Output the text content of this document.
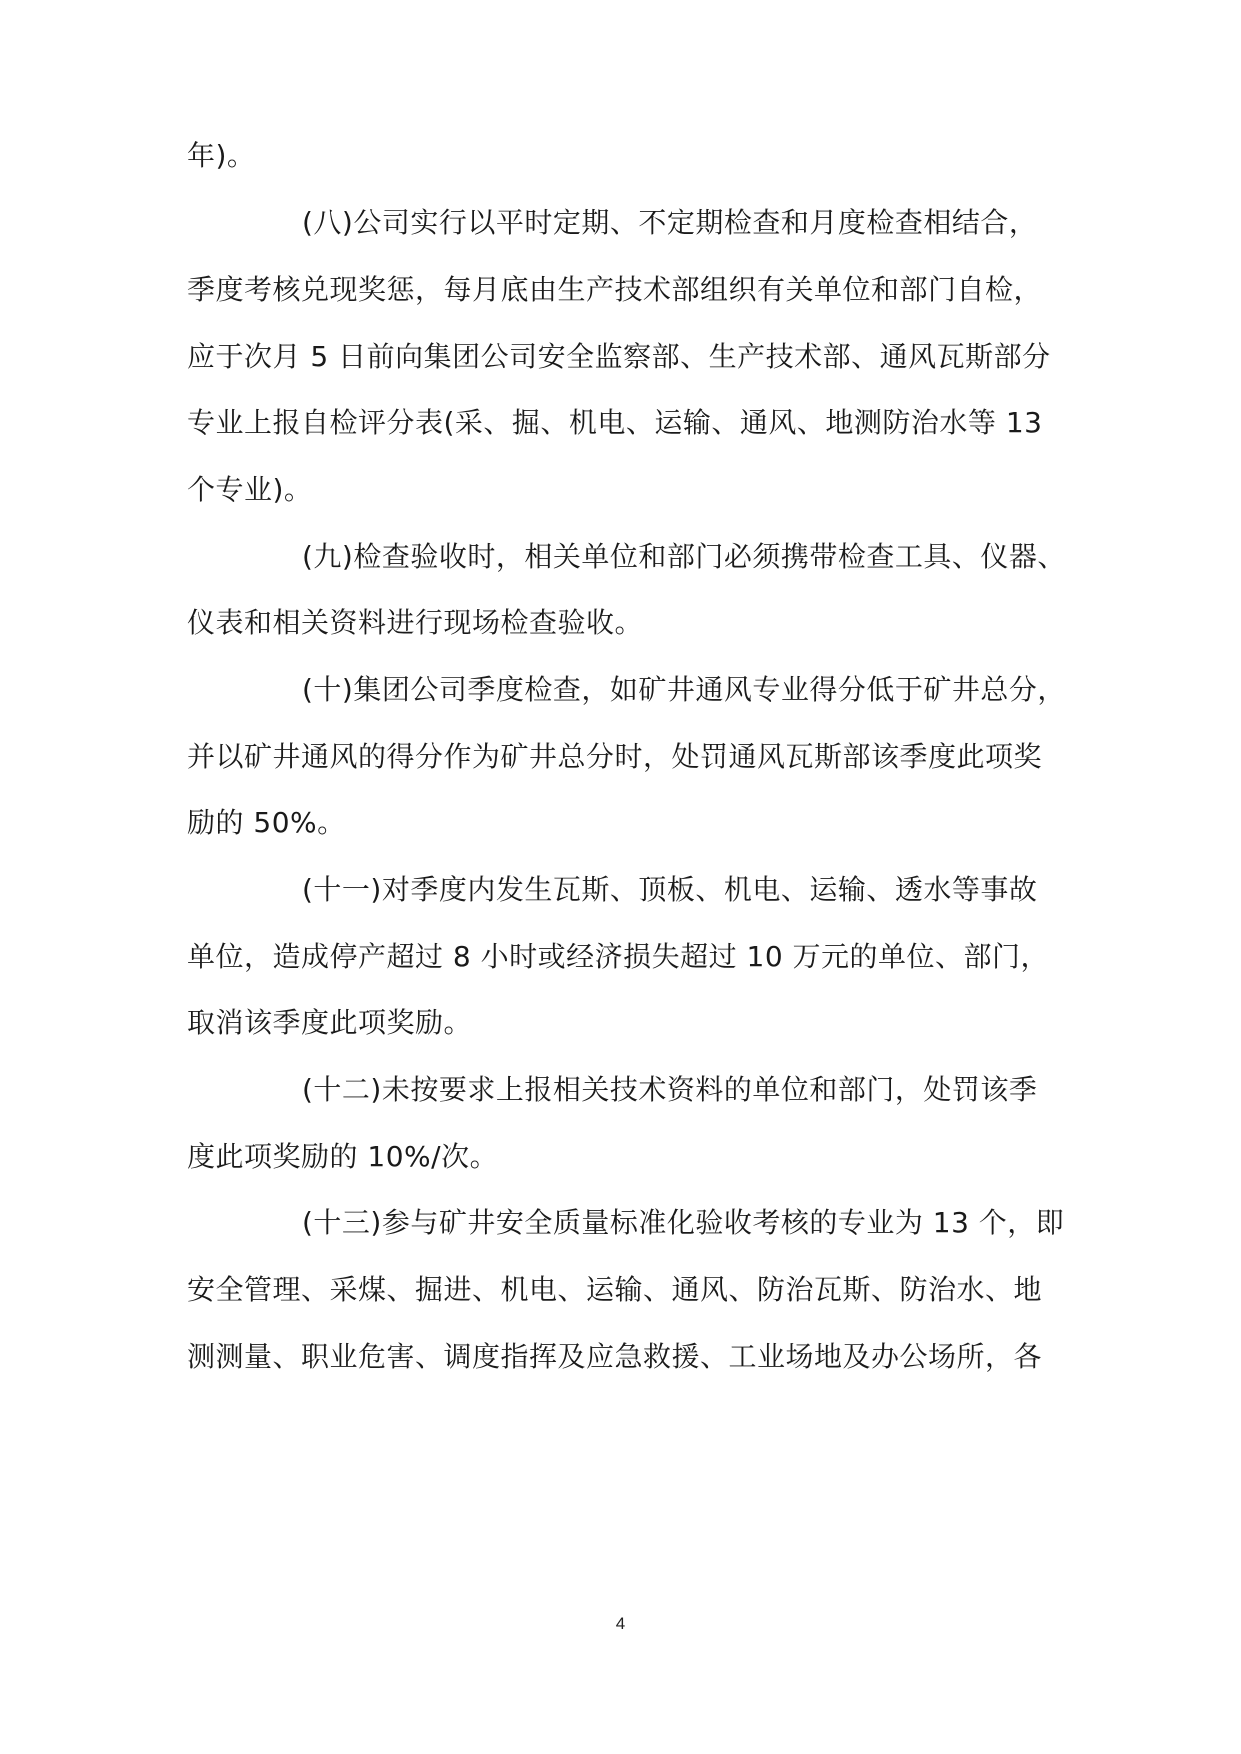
年)。
(八)公司实行以平时定期、不定期检查和月度检查相结合，
季度考核兑现奖惩，每月底由生产技术部组织有关单位和部门自检，
应于次月 5 日前向集团公司安全监察部、生产技术部、通风瓦斯部分
专业上报自检评分表(采、掘、机电、运输、通风、地测防治水等 13
个专业)。
(九)检查验收时，相关单位和部门必须携带检查工具、仪器、
仪表和相关资料进行现场检查验收。
(十)集团公司季度检查，如矿井通风专业得分低于矿井总分，
并以矿井通风的得分作为矿井总分时，处罚通风瓦斯部该季度此项奖
励的 50%。
(十一)对季度内发生瓦斯、顶板、机电、运输、透水等事故
单位，造成停产超过 8 小时或经济损失超过 10 万元的单位、部门，
取消该季度此项奖励。
(十二)未按要求上报相关技术资料的单位和部门，处罚该季
度此项奖励的 10%/次。
(十三)参与矿井安全质量标准化验收考核的专业为 13 个，即
安全管理、采煤、掘进、机电、运输、通风、防治瓦斯、防治水、地
测测量、职业危害、调度指挥及应急救援、工业场地及办公场所，各
4
